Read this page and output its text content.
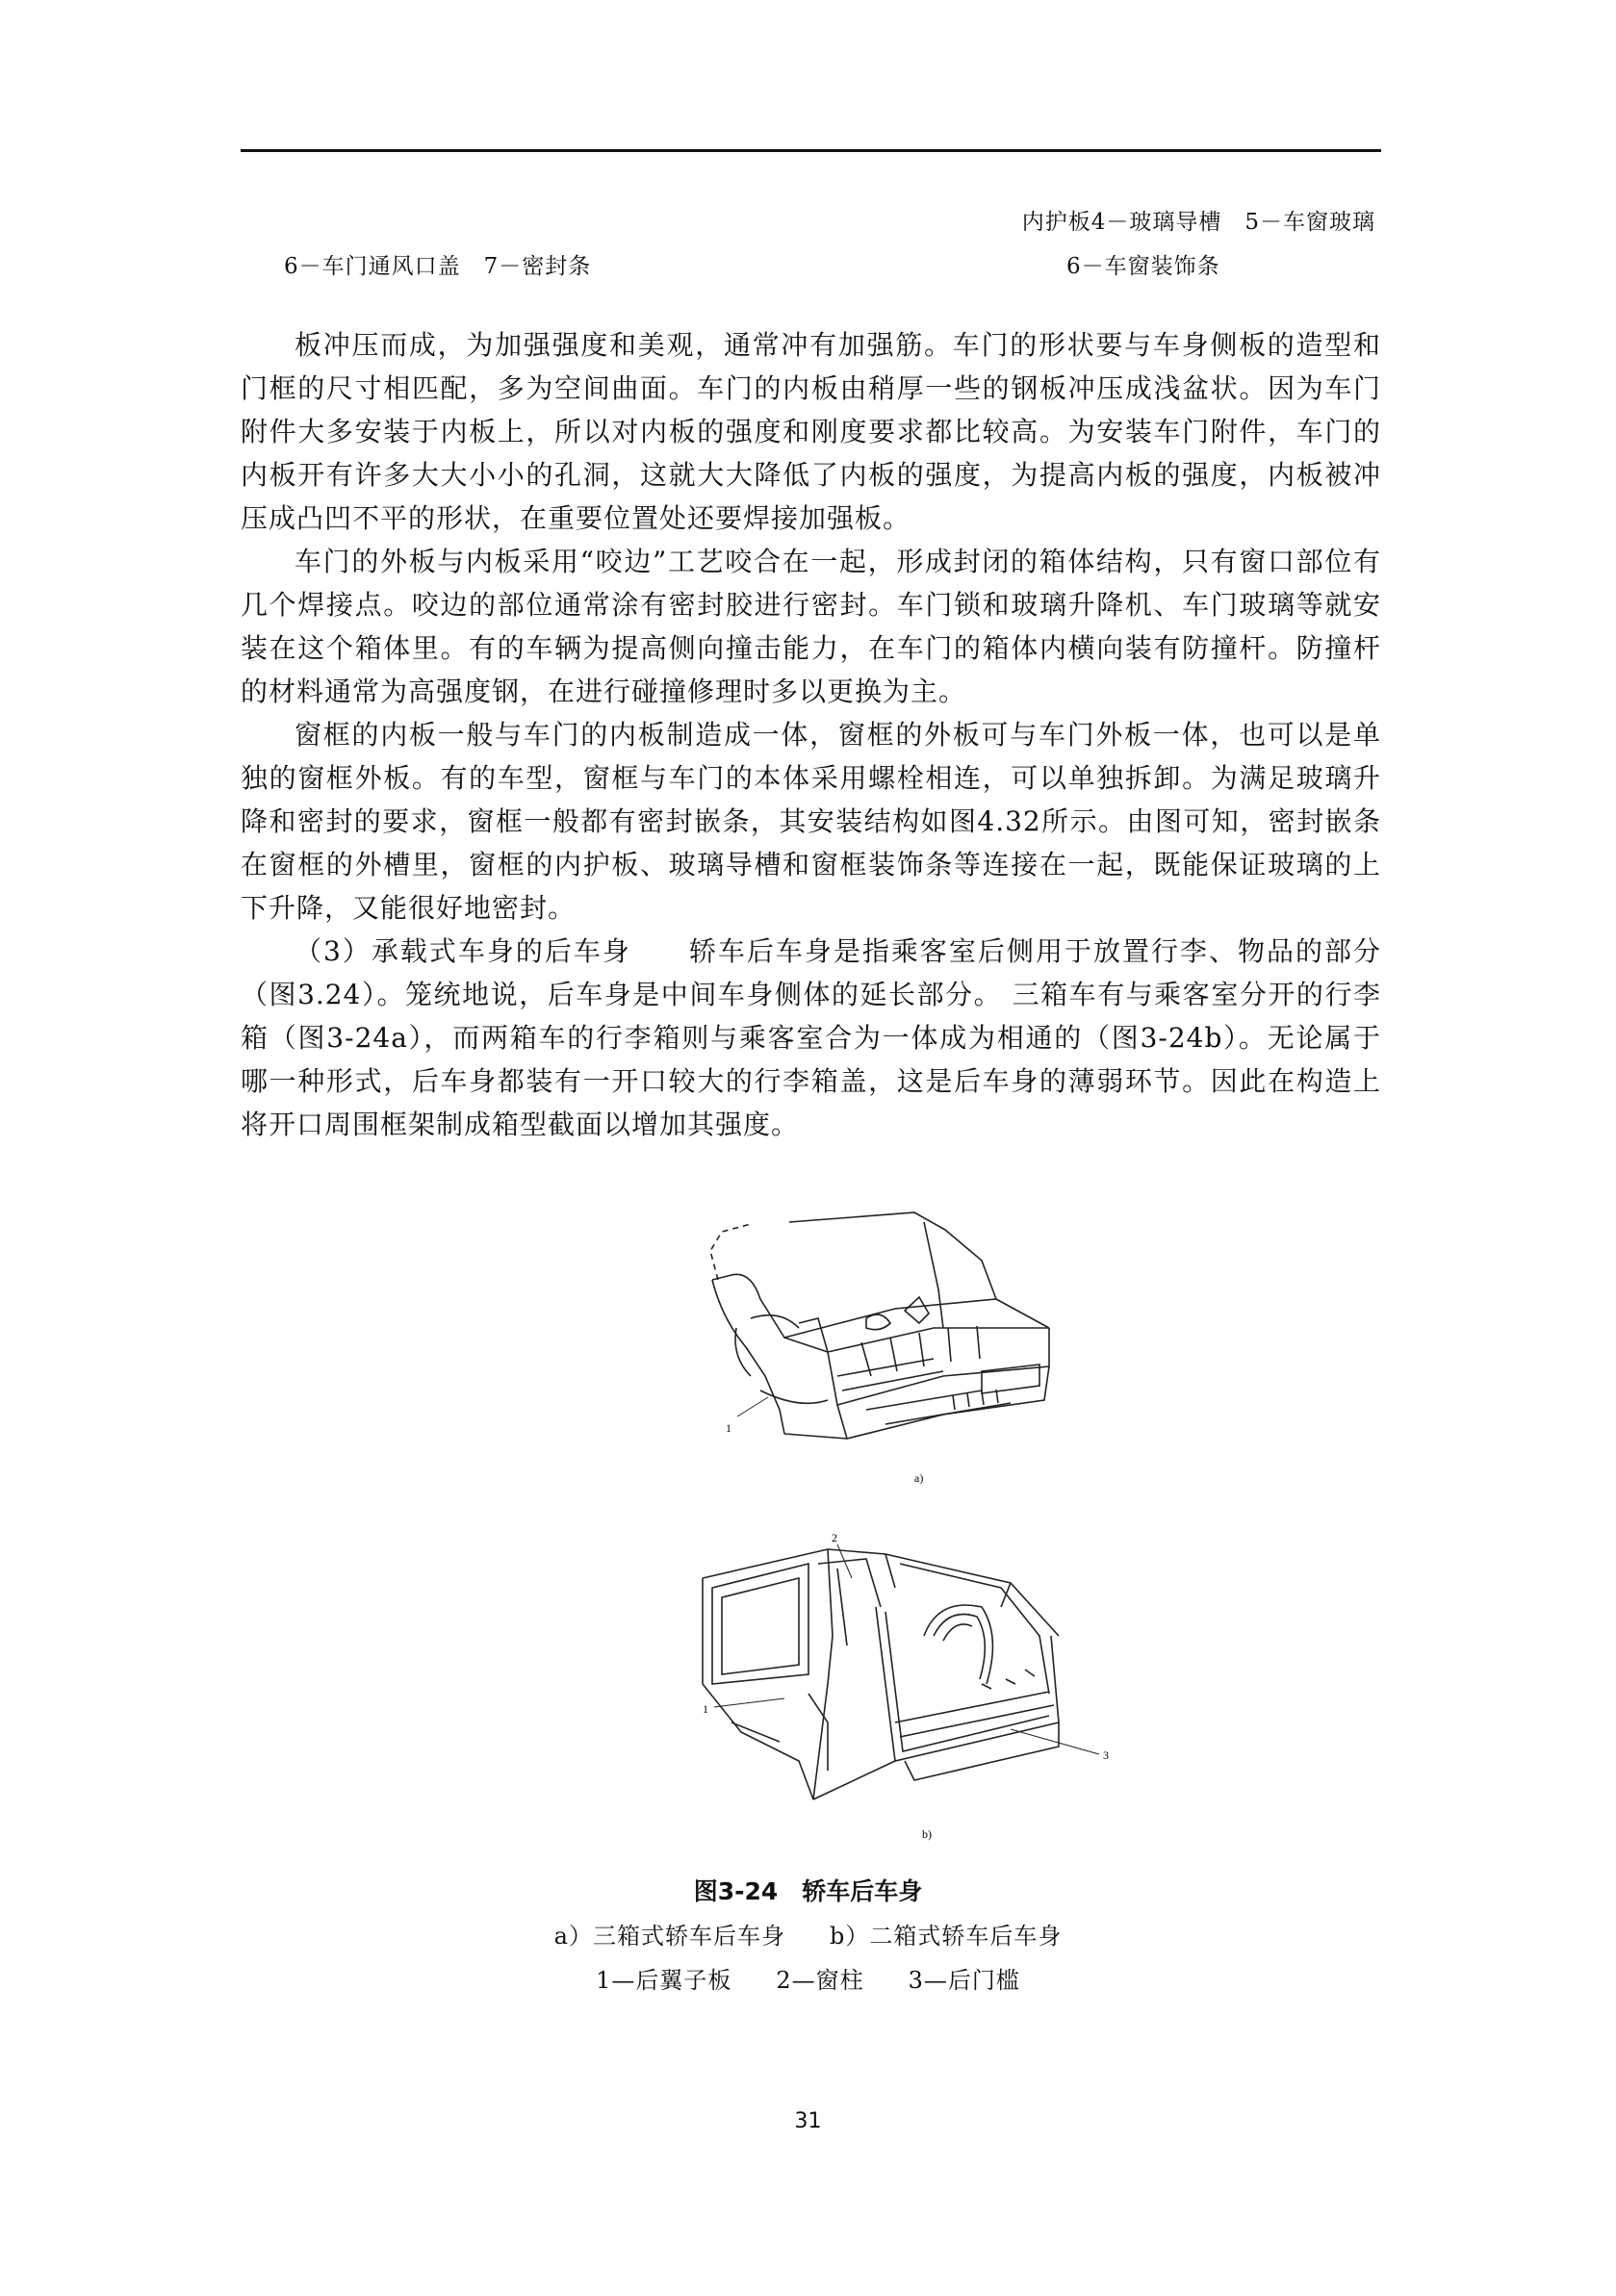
内护板4－玻璃导槽　5－车窗玻璃
6－车门通风口盖　7－密封条	6－车窗装饰条

板冲压而成，为加强强度和美观，通常冲有加强筋。车门的形状要与车身侧板的造型和门框的尺寸相匹配，多为空间曲面。车门的内板由稍厚一些的钢板冲压成浅盆状。因为车门附件大多安装于内板上，所以对内板的强度和刚度要求都比较高。为安装车门附件，车门的内板开有许多大大小小的孔洞，这就大大降低了内板的强度，为提高内板的强度，内板被冲压成凸凹不平的形状，在重要位置处还要焊接加强板。

车门的外板与内板采用“咬边”工艺咬合在一起，形成封闭的箱体结构，只有窗口部位有几个焊接点。咬边的部位通常涂有密封胶进行密封。车门锁和玻璃升降机、车门玻璃等就安装在这个箱体里。有的车辆为提高侧向撞击能力，在车门的箱体内横向装有防撞杆。防撞杆的材料通常为高强度钢，在进行碰撞修理时多以更换为主。

窗框的内板一般与车门的内板制造成一体，窗框的外板可与车门外板一体，也可以是单独的窗框外板。有的车型，窗框与车门的本体采用螺栓相连，可以单独拆卸。为满足玻璃升降和密封的要求，窗框一般都有密封嵌条，其安装结构如图4.32所示。由图可知，密封嵌条在窗框的外槽里，窗框的内护板、玻璃导槽和窗框装饰条等连接在一起，既能保证玻璃的上下升降，又能很好地密封。

（3）承载式车身的后车身　　轿车后车身是指乘客室后侧用于放置行李、物品的部分（图3.24）。笼统地说，后车身是中间车身侧体的延长部分。 三箱车有与乘客室分开的行李箱（图3-24a），而两箱车的行李箱则与乘客室合为一体成为相通的（图3-24b）。无论属于哪一种形式，后车身都装有一开口较大的行李箱盖，这是后车身的薄弱环节。因此在构造上将开口周围框架制成箱型截面以增加其强度。

1
a)
2
1
3
b)
图3-24　轿车后车身
a）三箱式轿车后车身 b）二箱式轿车后车身
1—后翼子板 2—窗柱 3—后门槛
31
